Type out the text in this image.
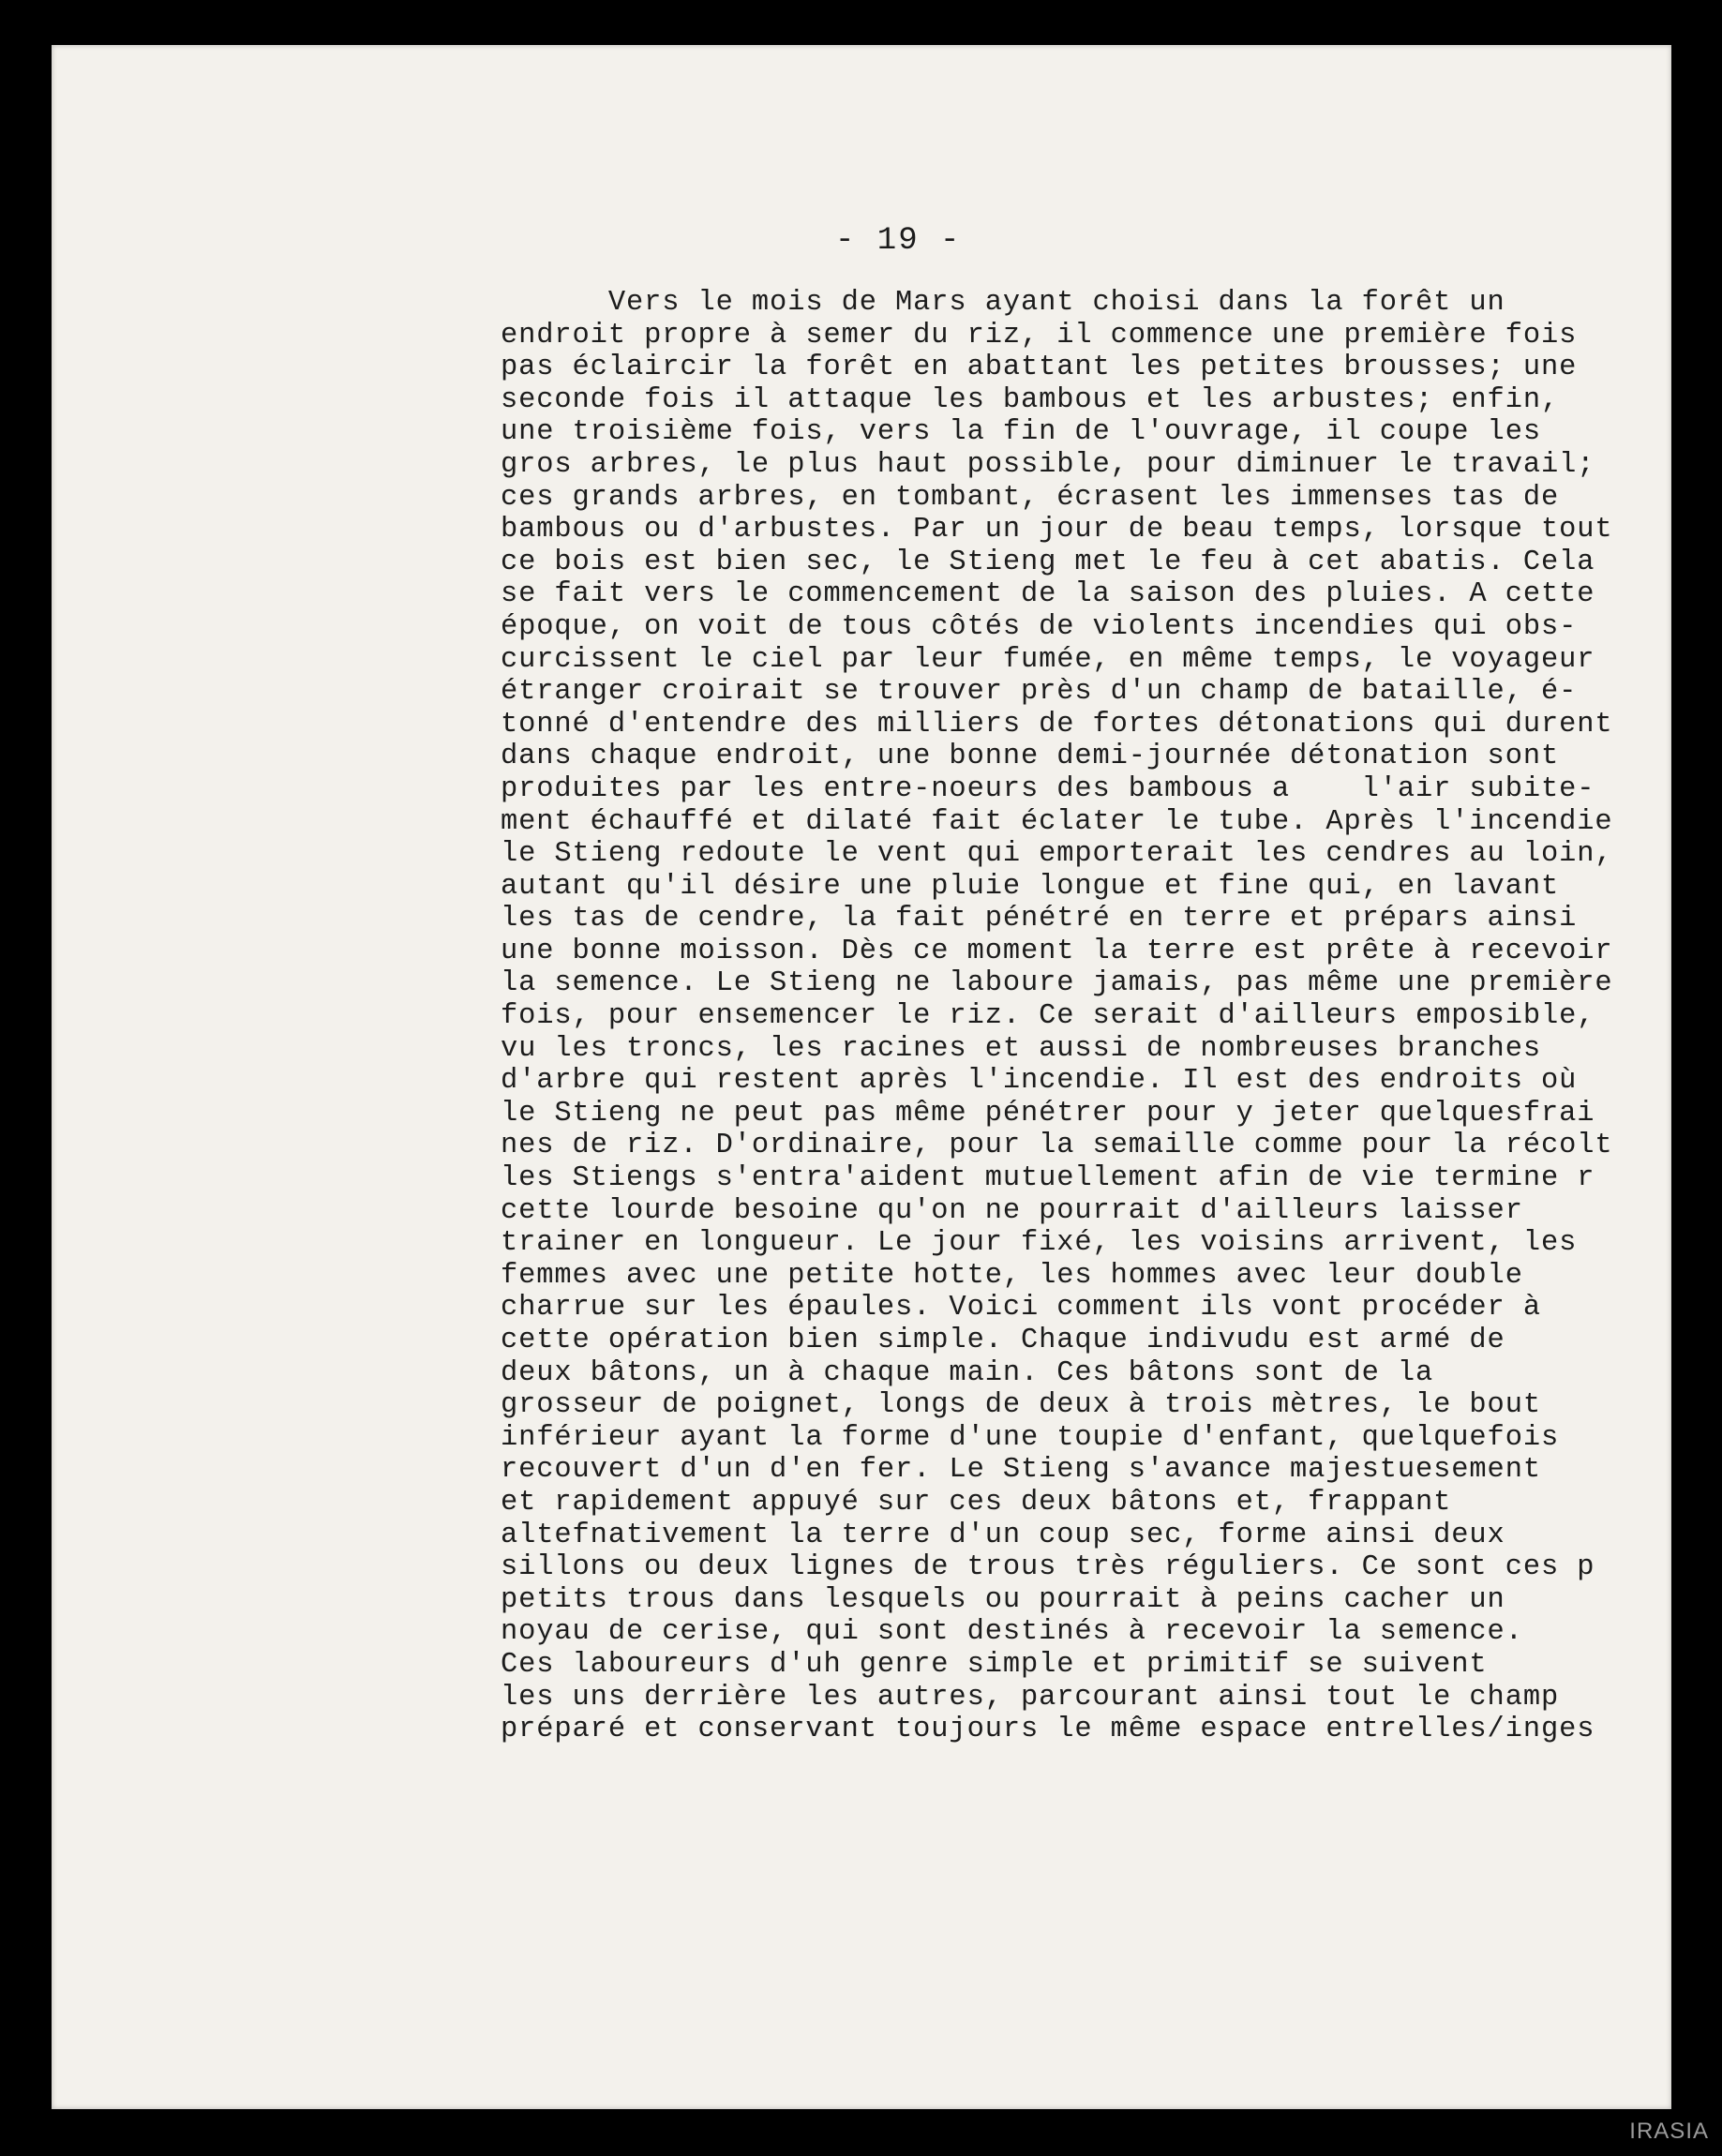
- 19 -
Vers le mois de Mars ayant choisi dans la forêt un
endroit propre à semer du riz, il commence une première fois
pas éclaircir la forêt en abattant les petites brousses; une
seconde fois il attaque les bambous et les arbustes; enfin,
une troisième fois, vers la fin de l'ouvrage, il coupe les
gros arbres, le plus haut possible, pour diminuer le travail;
ces grands arbres, en tombant, écrasent les immenses tas de
bambous ou d'arbustes. Par un jour de beau temps, lorsque tout
ce bois est bien sec, le Stieng met le feu à cet abatis. Cela
se fait vers le commencement de la saison des pluies. A cette
époque, on voit de tous côtés de violents incendies qui obs-
curcissent le ciel par leur fumée, en même temps, le voyageur
étranger croirait se trouver près d'un champ de bataille, é-
tonné d'entendre des milliers de fortes détonations qui durent
dans chaque endroit, une bonne demi-journée détonation sont
produites par les entre-noeurs des bambous a    l'air subite-
ment échauffé et dilaté fait éclater le tube. Après l'incendie
le Stieng redoute le vent qui emporterait les cendres au loin,
autant qu'il désire une pluie longue et fine qui, en lavant
les tas de cendre, la fait pénétré en terre et prépars ainsi
une bonne moisson. Dès ce moment la terre est prête à recevoir
la semence. Le Stieng ne laboure jamais, pas même une première
fois, pour ensemencer le riz. Ce serait d'ailleurs emposible,
vu les troncs, les racines et aussi de nombreuses branches
d'arbre qui restent après l'incendie. Il est des endroits où
le Stieng ne peut pas même pénétrer pour y jeter quelquesfrai
nes de riz. D'ordinaire, pour la semaille comme pour la récolt
les Stiengs s'entra'aident mutuellement afin de vie termine r
cette lourde besoine qu'on ne pourrait d'ailleurs laisser
trainer en longueur. Le jour fixé, les voisins arrivent, les
femmes avec une petite hotte, les hommes avec leur double
charrue sur les épaules. Voici comment ils vont procéder à
cette opération bien simple. Chaque indivudu est armé de
deux bâtons, un à chaque main. Ces bâtons sont de la
grosseur de poignet, longs de deux à trois mètres, le bout
inférieur ayant la forme d'une toupie d'enfant, quelquefois
recouvert d'un d'en fer. Le Stieng s'avance majestuesement
et rapidement appuyé sur ces deux bâtons et, frappant
altefnativement la terre d'un coup sec, forme ainsi deux
sillons ou deux lignes de trous très réguliers. Ce sont ces p
petits trous dans lesquels ou pourrait à peins cacher un
noyau de cerise, qui sont destinés à recevoir la semence.
Ces laboureurs d'uh genre simple et primitif se suivent
les uns derrière les autres, parcourant ainsi tout le champ
préparé et conservant toujours le même espace entrelles/inges
IRASIA
